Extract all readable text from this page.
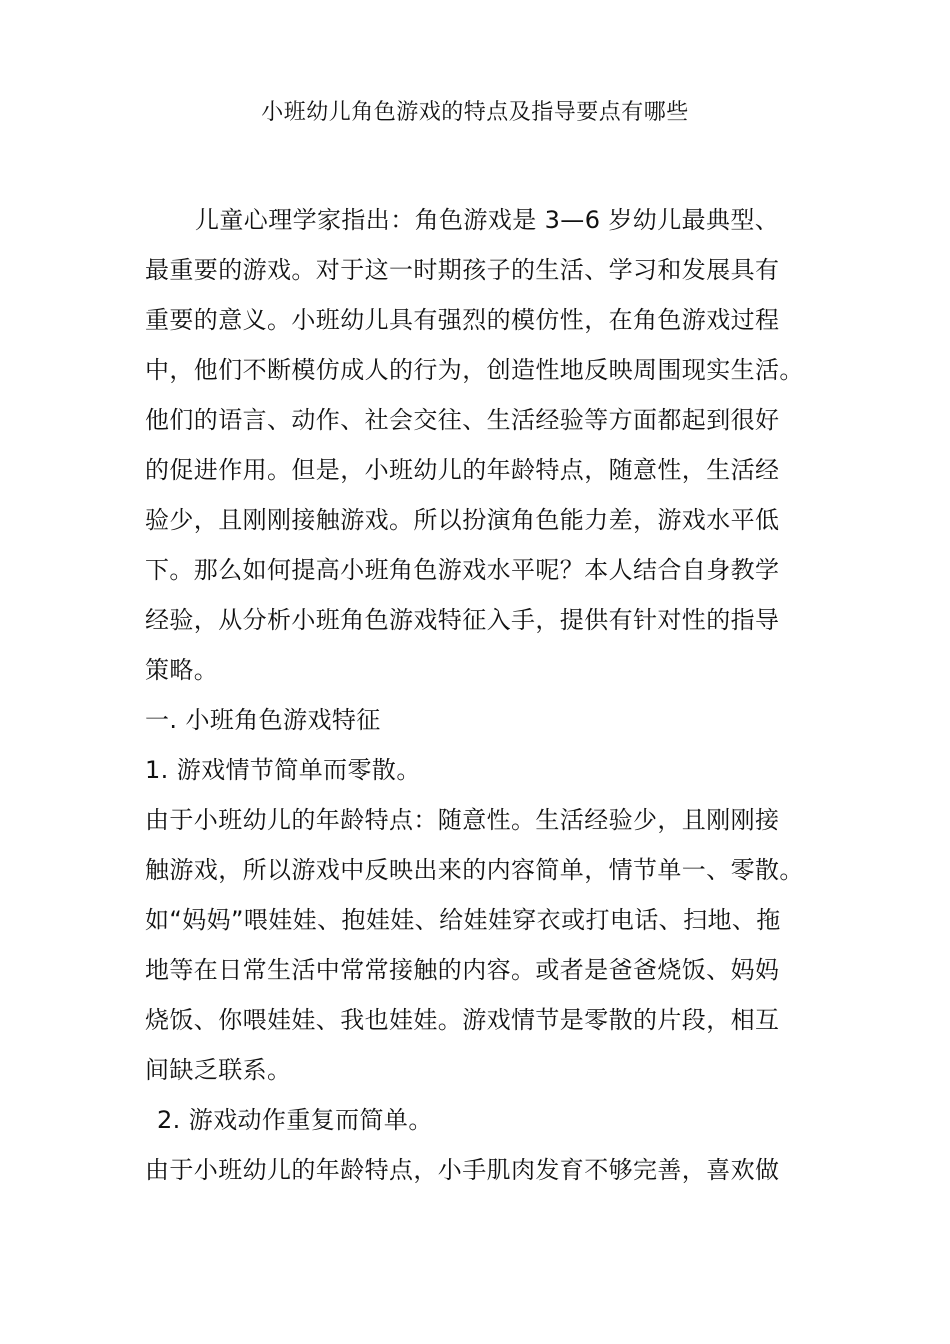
小班幼儿角色游戏的特点及指导要点有哪些
儿童心理学家指出：角色游戏是 3—6 岁幼儿最典型、
最重要的游戏。对于这一时期孩子的生活、学习和发展具有
重要的意义。小班幼儿具有强烈的模仿性，在角色游戏过程
中，他们不断模仿成人的行为，创造性地反映周围现实生活。
他们的语言、动作、社会交往、生活经验等方面都起到很好
的促进作用。但是，小班幼儿的年龄特点，随意性，生活经
验少，且刚刚接触游戏。所以扮演角色能力差，游戏水平低
下。那么如何提高小班角色游戏水平呢？本人结合自身教学
经验，从分析小班角色游戏特征入手，提供有针对性的指导
策略。
一. 小班角色游戏特征
1. 游戏情节简单而零散。
由于小班幼儿的年龄特点：随意性。生活经验少，且刚刚接
触游戏，所以游戏中反映出来的内容简单，情节单一、零散。
如“妈妈”喂娃娃、抱娃娃、给娃娃穿衣或打电话、扫地、拖
地等在日常生活中常常接触的内容。或者是爸爸烧饭、妈妈
烧饭、你喂娃娃、我也娃娃。游戏情节是零散的片段，相互
间缺乏联系。
2. 游戏动作重复而简单。
由于小班幼儿的年龄特点，小手肌肉发育不够完善，喜欢做
